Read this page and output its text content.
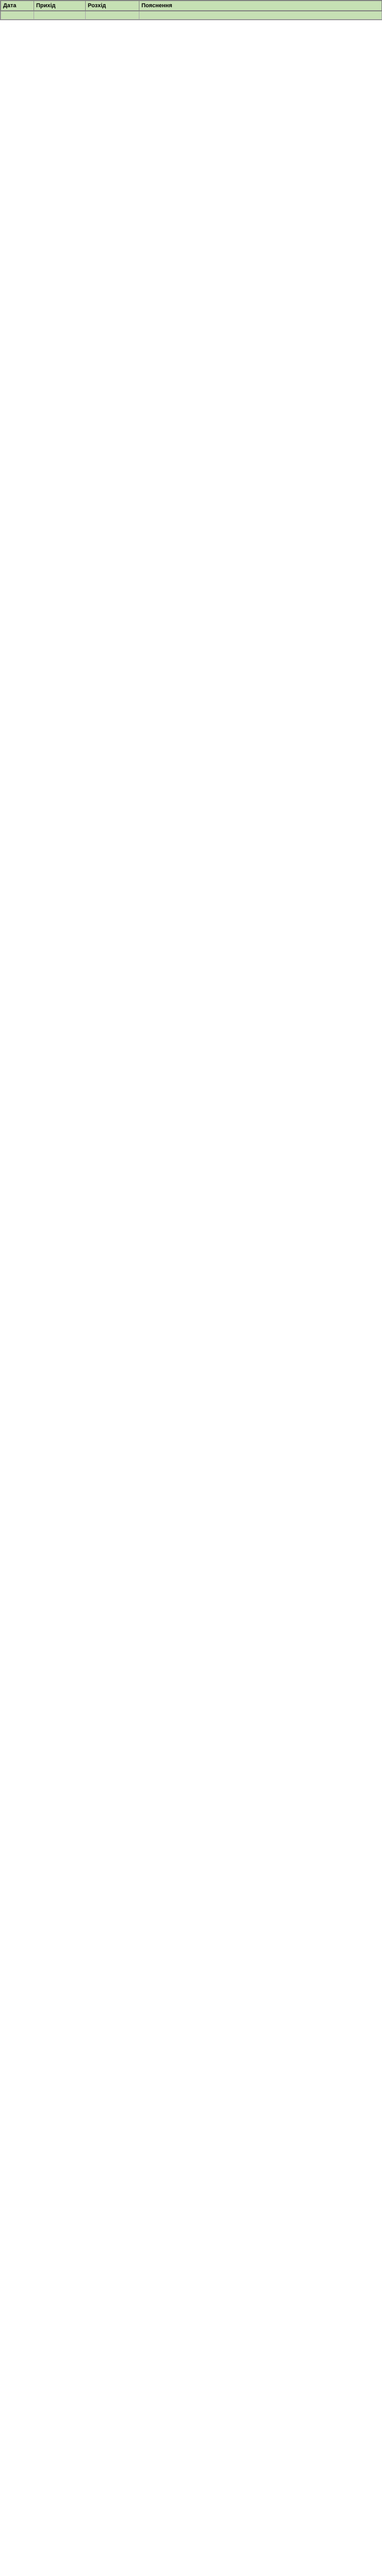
Дата	Прихід	Розхід	Пояснення
